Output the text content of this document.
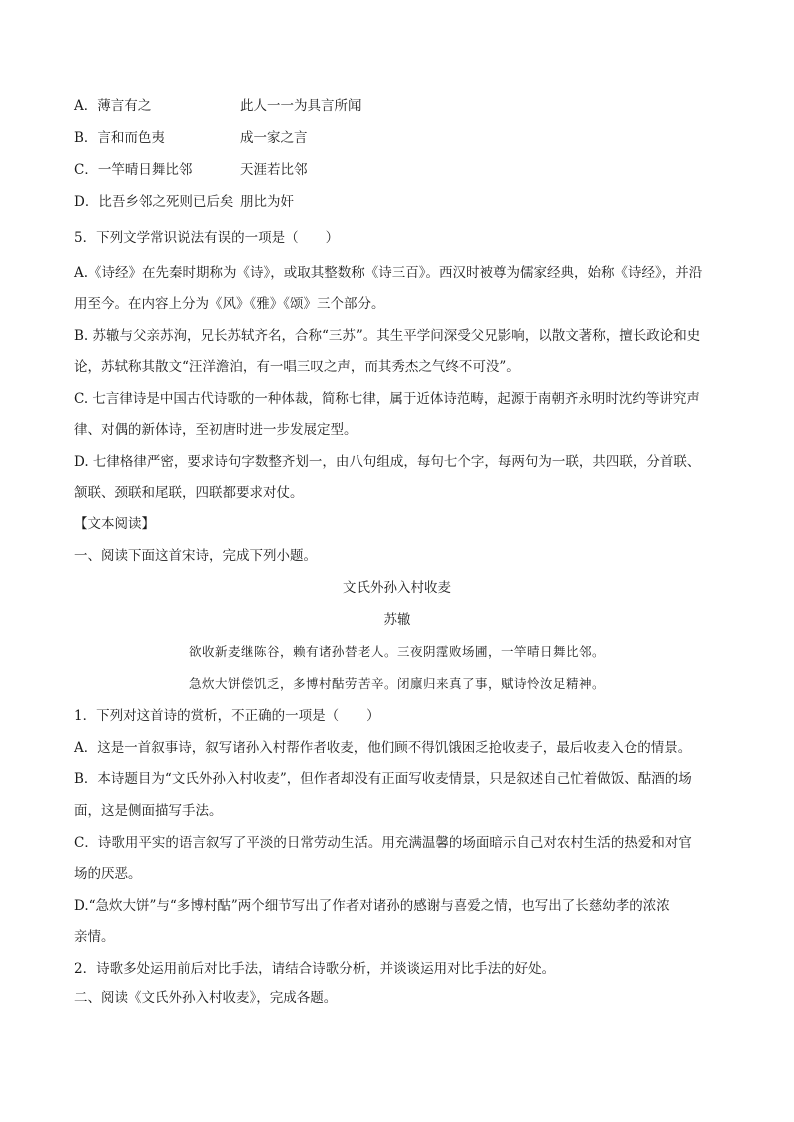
A．薄言有之	此人一一为具言所闻
B．言和而色夷	成一家之言
C．一竿晴日舞比邻	天涯若比邻
D．比吾乡邻之死则已后矣 朋比为奸
5．下列文学常识说法有误的一项是（　　）
A.《诗经》在先秦时期称为《诗》，或取其整数称《诗三百》。西汉时被尊为儒家经典，始称《诗经》，并沿
用至今。在内容上分为《风》《雅》《颂》三个部分。
B. 苏辙与父亲苏洵，兄长苏轼齐名，合称“三苏”。其生平学问深受父兄影响，以散文著称，擅长政论和史
论，苏轼称其散文“汪洋澹泊，有一唱三叹之声，而其秀杰之气终不可没”。
C. 七言律诗是中国古代诗歌的一种体裁，简称七律，属于近体诗范畴，起源于南朝齐永明时沈约等讲究声
律、对偶的新体诗，至初唐时进一步发展定型。
D. 七律格律严密，要求诗句字数整齐划一，由八句组成，每句七个字，每两句为一联，共四联，分首联、
颔联、颈联和尾联，四联都要求对仗。
【文本阅读】
一、阅读下面这首宋诗，完成下列小题。
文氏外孙入村收麦
苏辙
欲收新麦继陈谷，赖有诸孙替老人。三夜阴霪败场圃，一竿晴日舞比邻。
急炊大饼偿饥乏，多博村酤劳苦辛。闭廪归来真了事，赋诗怜汝足精神。
1．下列对这首诗的赏析，不正确的一项是（　　）
A．这是一首叙事诗，叙写诸孙入村帮作者收麦，他们顾不得饥饿困乏抢收麦子，最后收麦入仓的情景。
B．本诗题目为“文氏外孙入村收麦”，但作者却没有正面写收麦情景，只是叙述自己忙着做饭、酤酒的场
面，这是侧面描写手法。
C．诗歌用平实的语言叙写了平淡的日常劳动生活。用充满温馨的场面暗示自己对农村生活的热爱和对官
场的厌恶。
D.“急炊大饼”与“多博村酤”两个细节写出了作者对诸孙的感谢与喜爱之情，也写出了长慈幼孝的浓浓
亲情。
2．诗歌多处运用前后对比手法，请结合诗歌分析，并谈谈运用对比手法的好处。
二、阅读《文氏外孙入村收麦》，完成各题。
